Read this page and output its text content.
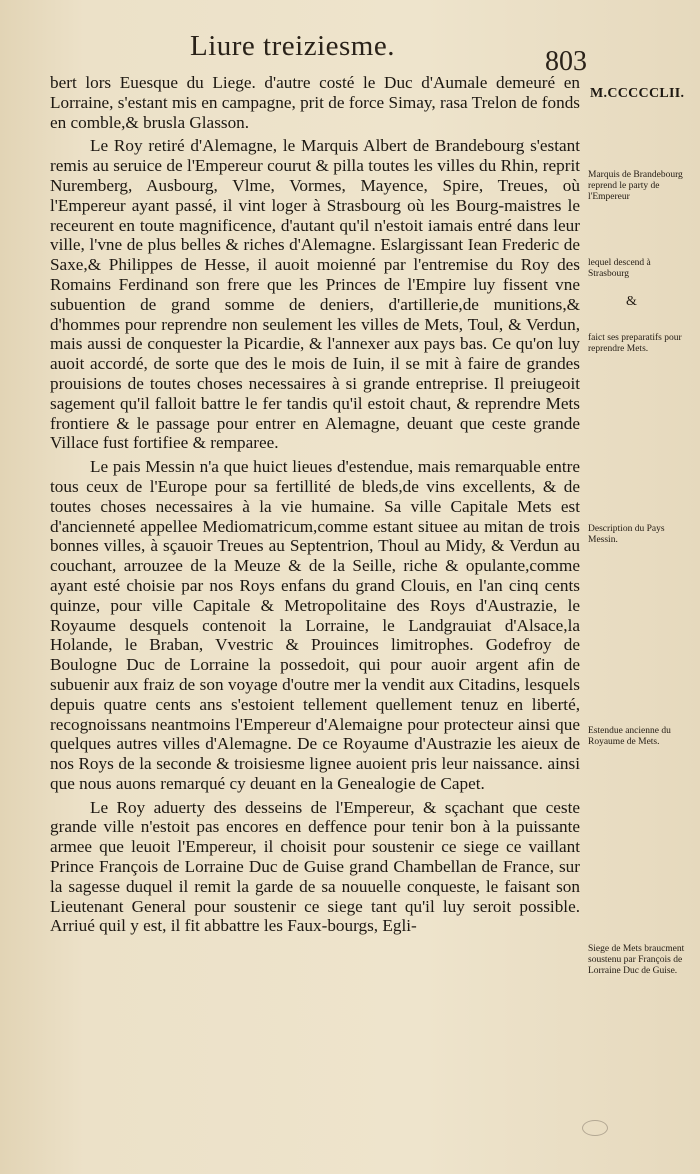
Liure treiziesme.	803

bert lors Euesque du Liege. d'autre costé le Duc d'Aumale demeuré en Lorraine, s'estant mis en campagne, prit de force Simay, rasa Trelon de fonds en comble,& brusla Glasson.

Le Roy retiré d'Alemagne, le Marquis Albert de Brandebourg s'estant remis au seruice de l'Empereur courut & pilla toutes les villes du Rhin, reprit Nuremberg, Ausbourg, Vlme, Vormes, Mayence, Spire, Treues, où l'Empereur ayant passé, il vint loger à Strasbourg où les Bourg-maistres le receurent en toute magnificence, d'autant qu'il n'estoit iamais entré dans leur ville, l'vne de plus belles & riches d'Alemagne. Eslargissant Iean Frederic de Saxe,& Philippes de Hesse, il auoit moienné par l'entremise du Roy des Romains Ferdinand son frere que les Princes de l'Empire luy fissent vne subuention de grand somme de deniers, d'artillerie,de munitions,& d'hommes pour reprendre non seulement les villes de Mets, Toul, & Verdun, mais aussi de conquester la Picardie, & l'annexer aux pays bas. Ce qu'on luy auoit accordé, de sorte que des le mois de Iuin, il se mit à faire de grandes prouisions de toutes choses necessaires à si grande entreprise. Il preiugeoit sagement qu'il falloit battre le fer tandis qu'il estoit chaut, & reprendre Mets frontiere & le passage pour entrer en Alemagne, deuant que ceste grande Villace fust fortifiee & remparee.

Le pais Messin n'a que huict lieues d'estendue, mais remarquable entre tous ceux de l'Europe pour sa fertillité de bleds,de vins excellents, & de toutes choses necessaires à la vie humaine. Sa ville Capitale Mets est d'ancienneté appellee Mediomatricum,comme estant situee au mitan de trois bonnes villes, à sçauoir Treues au Septentrion, Thoul au Midy, & Verdun au couchant, arrouzee de la Meuze & de la Seille, riche & opulante,comme ayant esté choisie par nos Roys enfans du grand Clouis, en l'an cinq cents quinze, pour ville Capitale & Metropolitaine des Roys d'Austrazie, le Royaume desquels contenoit la Lorraine, le Landgrauiat d'Alsace,la Holande, le Braban, Vvestric & Prouinces limitrophes. Godefroy de Boulogne Duc de Lorraine la possedoit, qui pour auoir argent afin de subuenir aux fraiz de son voyage d'outre mer la vendit aux Citadins, lesquels depuis quatre cents ans s'estoient tellement quellement tenuz en liberté, recognoissans neantmoins l'Empereur d'Alemaigne pour protecteur ainsi que quelques autres villes d'Alemagne. De ce Royaume d'Austrazie les aieux de nos Roys de la seconde & troisiesme lignee auoient pris leur naissance. ainsi que nous auons remarqué cy deuant en la Genealogie de Capet.

Le Roy aduerty des desseins de l'Empereur, & sçachant que ceste grande ville n'estoit pas encores en deffence pour tenir bon à la puissante armee que leuoit l'Empereur, il choisit pour soustenir ce siege ce vaillant Prince François de Lorraine Duc de Guise grand Chambellan de France, sur la sagesse duquel il remit la garde de sa nouuelle conqueste, le faisant son Lieutenant General pour soustenir ce siege tant qu'il luy seroit possible. Arriué quil y est, il fit abbattre les Faux-bourgs, Egli-

M.CCCCCLII.
Marquis de Brandebourg reprend le party de l'Empereur
lequel descend à Strasbourg
&
faict ses preparatifs pour reprendre Mets.
Description du Pays Messin.
Estendue ancienne du Royaume de Mets.
Siege de Mets braucment soustenu par François de Lorraine Duc de Guise.
